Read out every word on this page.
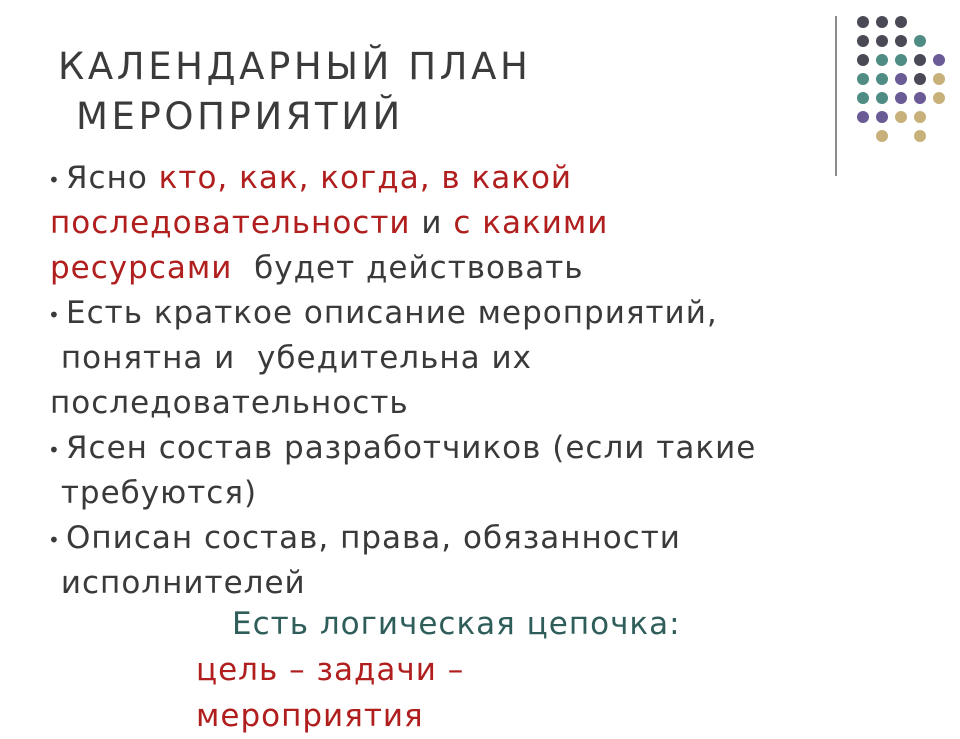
КАЛЕНДАРНЫЙ ПЛАН
МЕРОПРИЯТИЙ
• Ясно кто, как, когда, в какой
последовательности и с какими
ресурсами  будет действовать
• Есть краткое описание мероприятий,
понятна и  убедительна их
последовательность
• Ясен состав разработчиков (если такие
требуются)
• Описан состав, права, обязанности
исполнителей
Есть логическая цепочка:
цель – задачи –
мероприятия
